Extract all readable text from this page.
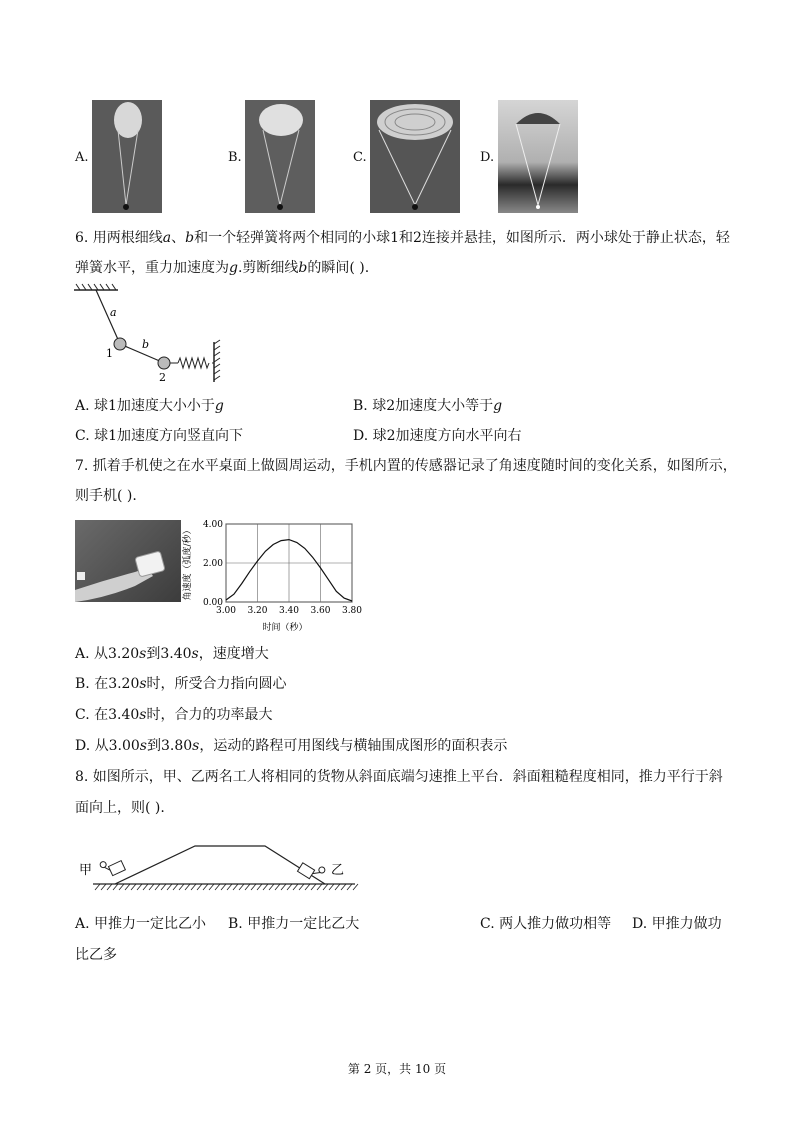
A.	B.	C.	D.
6. 用两根细线𝑎、𝑏和一个轻弹簧将两个相同的小球1和2连接并悬挂，如图所示．两小球处于静止状态，轻
弹簧水平，重力加速度为𝑔.剪断细线𝑏的瞬间( ).
a
b
1
2
A. 球1加速度大小小于𝑔	B. 球2加速度大小等于𝑔
C. 球1加速度方向竖直向下	D. 球2加速度方向水平向右
7. 抓着手机使之在水平桌面上做圆周运动，手机内置的传感器记录了角速度随时间的变化关系，如图所示，
则手机( ).
3.00 3.20 3.40 3.60 3.80
0.00
2.00
4.00
角速度（弧度/秒）
时间（秒）
A. 从3.20𝑠到3.40𝑠，速度增大
B. 在3.20𝑠时，所受合力指向圆心
C. 在3.40𝑠时，合力的功率最大
D. 从3.00𝑠到3.80𝑠，运动的路程可用图线与横轴围成图形的面积表示
8. 如图所示，甲、乙两名工人将相同的货物从斜面底端匀速推上平台．斜面粗糙程度相同，推力平行于斜
面向上，则( ).
甲	乙
A. 甲推力一定比乙小 B. 甲推力一定比乙大	C. 两人推力做功相等 D. 甲推力做功
比乙多
第 2 页，共 10 页
